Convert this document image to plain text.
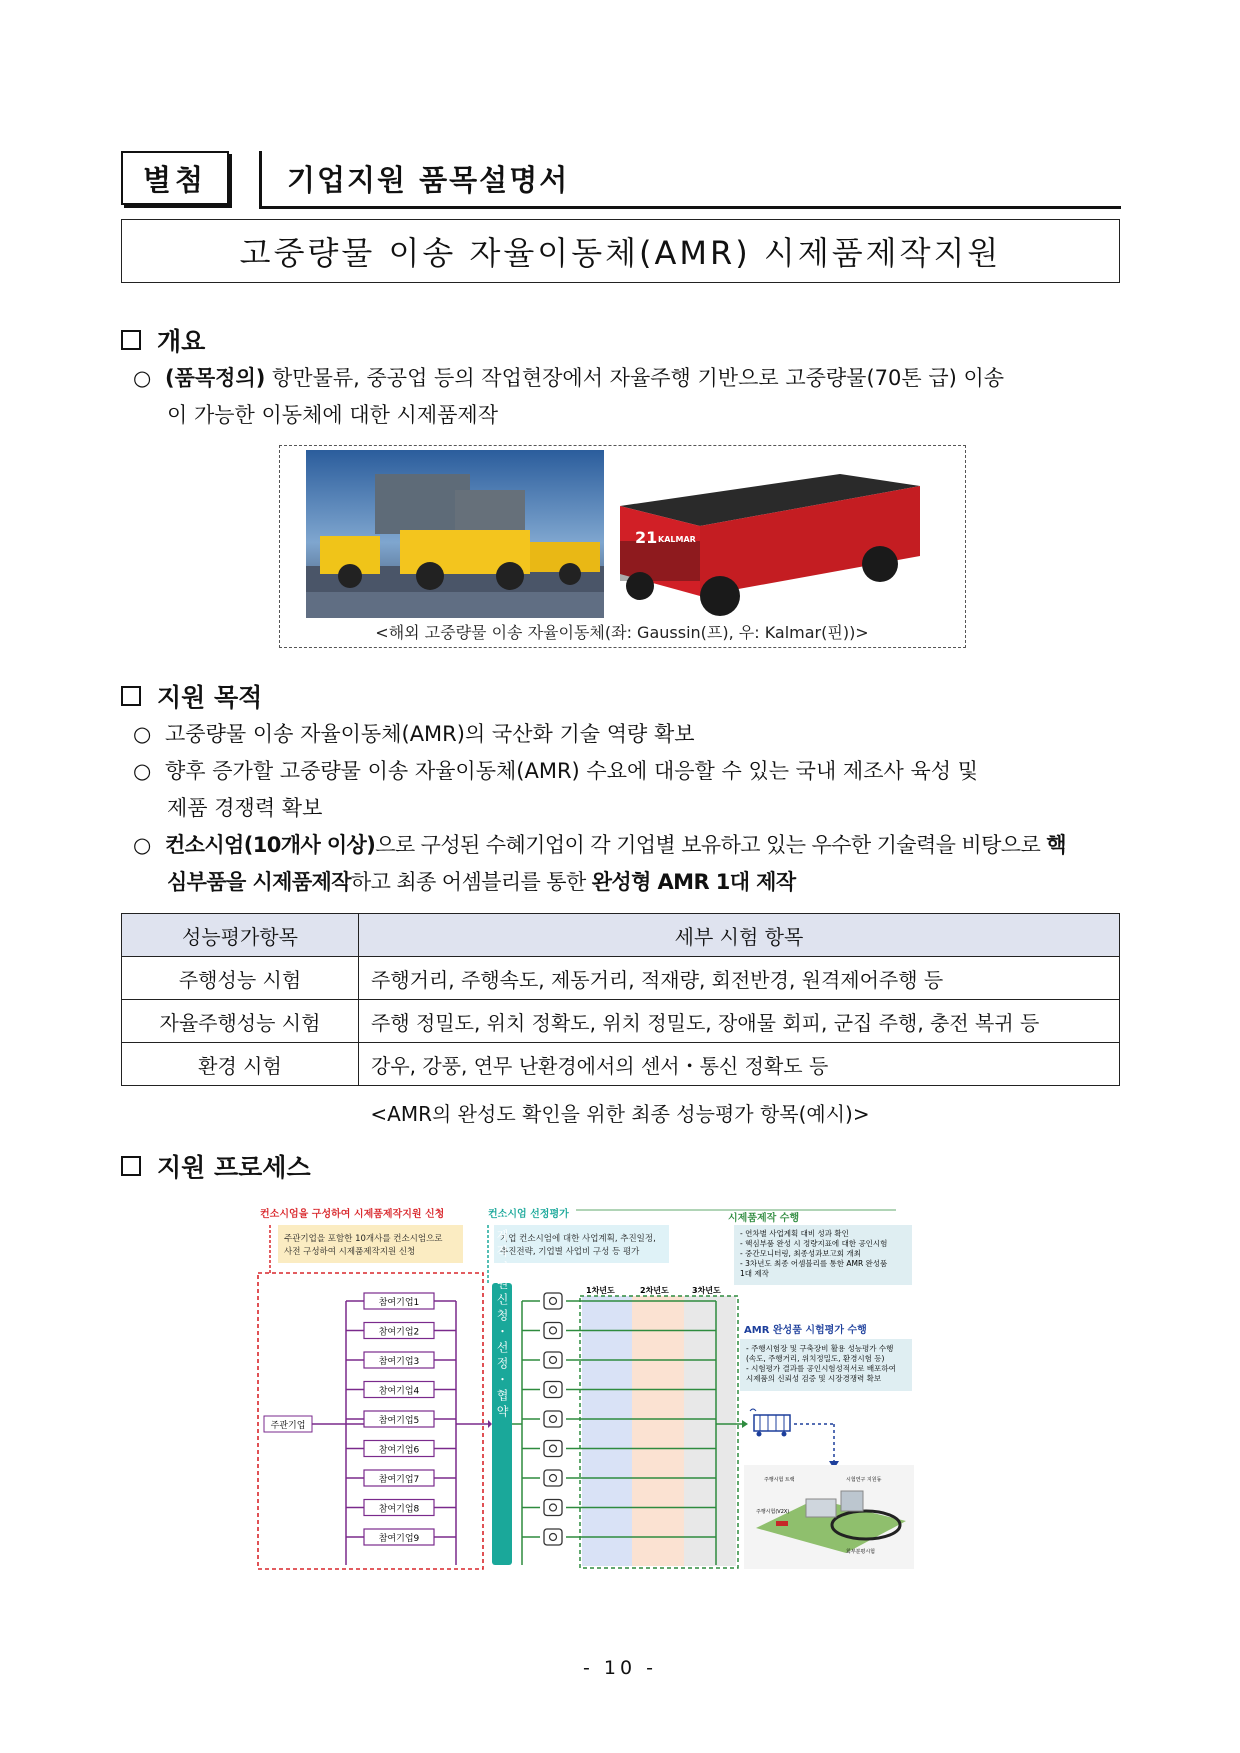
별첨	기업지원 품목설명서
고중량물 이송 자율이동체(AMR) 시제품제작지원
개요
○ (품목정의) 항만물류, 중공업 등의 작업현장에서 자율주행 기반으로 고중량물(70톤 급) 이송
이 가능한 이동체에 대한 시제품제작
21 KALMAR
<해외 고중량물 이송 자율이동체(좌: Gaussin(프), 우: Kalmar(핀))>
지원 목적
○ 고중량물 이송 자율이동체(AMR)의 국산화 기술 역량 확보
○ 향후 증가할 고중량물 이송 자율이동체(AMR) 수요에 대응할 수 있는 국내 제조사 육성 및
제품 경쟁력 확보
○ 컨소시엄(10개사 이상)으로 구성된 수혜기업이 각 기업별 보유하고 있는 우수한 기술력을 비탕으로 핵
심부품을 시제품제작하고 최종 어셈블리를 통한 완성형 AMR 1대 제작
성능평가항목	세부 시험 항목
주행성능 시험	주행거리, 주행속도, 제동거리, 적재량, 회전반경, 원격제어주행 등
자율주행성능 시험	주행 정밀도, 위치 정확도, 위치 정밀도, 장애물 회피, 군집 주행, 충전 복귀 등
환경 시험	강우, 강풍, 연무 난환경에서의 센서・통신 정확도 등
<AMR의 완성도 확인을 위한 최종 성능평가 항목(예시)>
지원 프로세스
컨소시엄을 구성하여 시제품제작지원 신청
주관기업을 포함한 10개사를 컨소시엄으로
사전 구성하여 시제품제작지원 신청
컨소시엄 선정평가
기업 컨소시엄에 대한 사업계획, 추진일정,
추진전략, 기업별 사업비 구성 등 평가
시제품제작지원신청・선정・협약
주관기업
참여기업1
참여기업2
참여기업3
참여기업4
참여기업5
참여기업6
참여기업7
참여기업8
참여기업9
1차년도	2차년도	3차년도
시제품제작 수행
- 연차별 사업계획 대비 성과 확인
- 핵심부품 완성 시 정량지표에 대한 공인시험
- 중간모니터링, 최종성과보고회 개최
- 3차년도 최종 어셈블리를 통한 AMR 완성품
1대 제작
AMR 완성품 시험평가 수행
- 주행시험장 및 구축장비 활용 성능평가 수행
(속도, 주행거리, 위치정밀도, 환경시험 등)
- 시험평가 결과를 공인시험성적서로 배포하여
시제품의 신뢰성 검증 및 시장경쟁력 확보
주행시험 트랙	시험연구 지원동
주행시험(V2X)
회부분평시험
- 10 -
